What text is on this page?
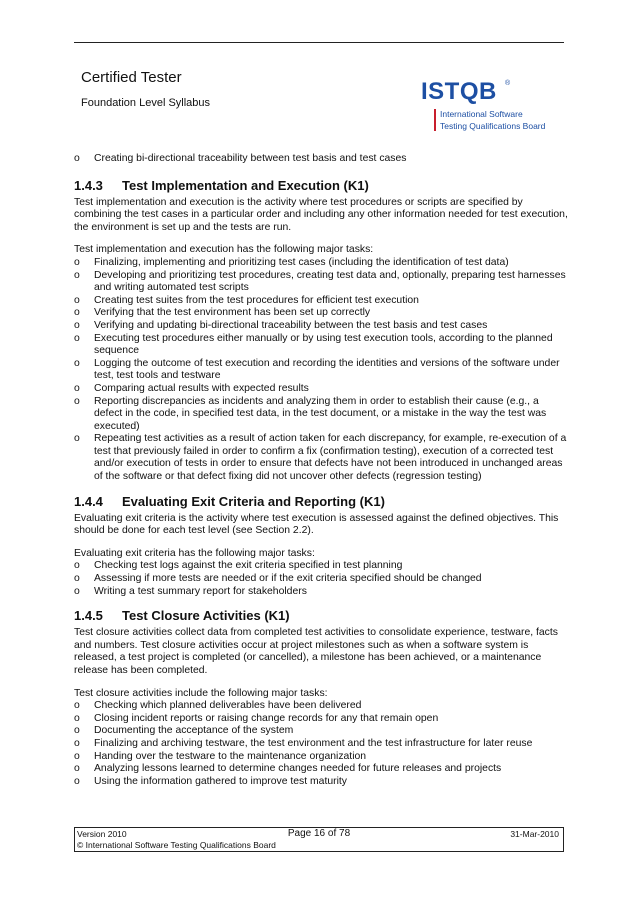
Certified Tester
Foundation Level Syllabus	ISTQB ®
International Software
Testing Qualifications Board
o Creating bi-directional traceability between test basis and test cases
1.4.3	Test Implementation and Execution (K1)

Test implementation and execution is the activity where test procedures or scripts are specified by combining the test cases in a particular order and including any other information needed for test execution, the environment is set up and the tests are run.

Test implementation and execution has the following major tasks:

o Finalizing, implementing and prioritizing test cases (including the identification of test data)
o Developing and prioritizing test procedures, creating test data and, optionally, preparing test harnesses and writing automated test scripts
o Creating test suites from the test procedures for efficient test execution
o Verifying that the test environment has been set up correctly
o Verifying and updating bi-directional traceability between the test basis and test cases
o Executing test procedures either manually or by using test execution tools, according to the planned sequence
o Logging the outcome of test execution and recording the identities and versions of the software under test, test tools and testware
o Comparing actual results with expected results
o Reporting discrepancies as incidents and analyzing them in order to establish their cause (e.g., a defect in the code, in specified test data, in the test document, or a mistake in the way the test was executed)
o Repeating test activities as a result of action taken for each discrepancy, for example, re-execution of a test that previously failed in order to confirm a fix (confirmation testing), execution of a corrected test and/or execution of tests in order to ensure that defects have not been introduced in unchanged areas of the software or that defect fixing did not uncover other defects (regression testing)
1.4.4	Evaluating Exit Criteria and Reporting (K1)

Evaluating exit criteria is the activity where test execution is assessed against the defined objectives. This should be done for each test level (see Section 2.2).

Evaluating exit criteria has the following major tasks:

o Checking test logs against the exit criteria specified in test planning
o Assessing if more tests are needed or if the exit criteria specified should be changed
o Writing a test summary report for stakeholders
1.4.5	Test Closure Activities (K1)

Test closure activities collect data from completed test activities to consolidate experience, testware, facts and numbers. Test closure activities occur at project milestones such as when a software system is released, a test project is completed (or cancelled), a milestone has been achieved, or a maintenance release has been completed.

Test closure activities include the following major tasks:

o Checking which planned deliverables have been delivered
o Closing incident reports or raising change records for any that remain open
o Documenting the acceptance of the system
o Finalizing and archiving testware, the test environment and the test infrastructure for later reuse
o Handing over the testware to the maintenance organization
o Analyzing lessons learned to determine changes needed for future releases and projects
o Using the information gathered to improve test maturity
Version 2010	Page 16 of 78	31-Mar-2010
© International Software Testing Qualifications Board
